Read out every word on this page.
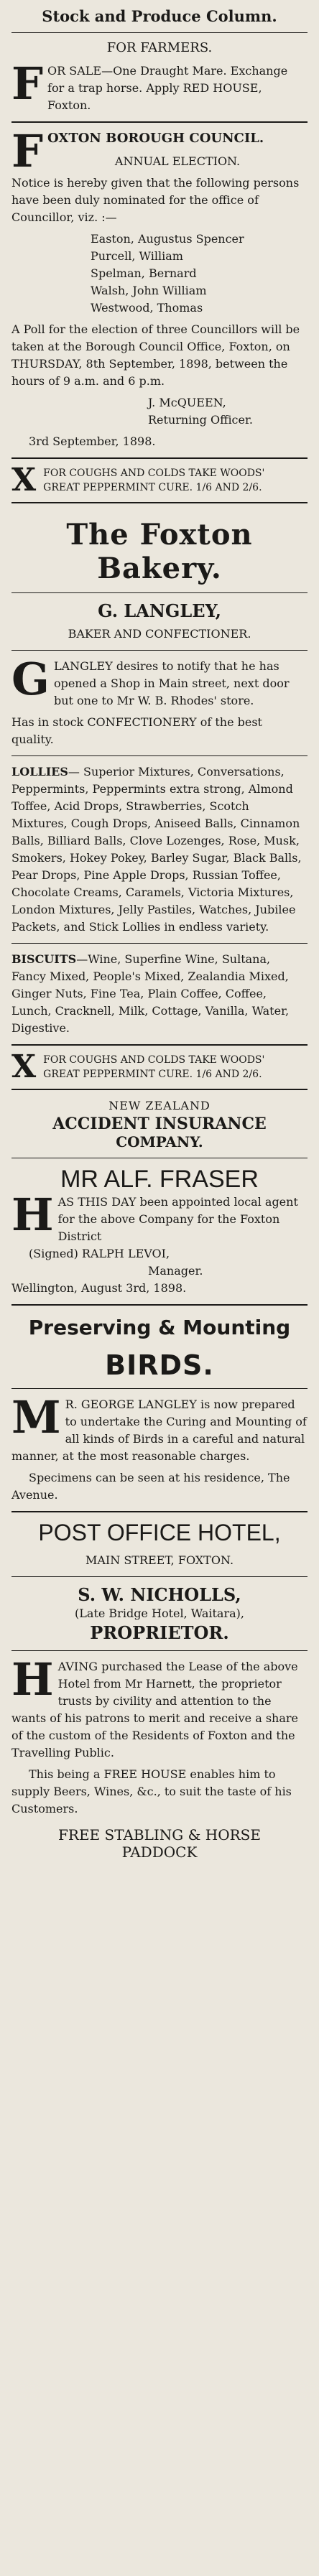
Stock and Produce Column.
FOR FARMERS.
F OR SALE—One Draught Mare. Exchange for a trap horse. Apply RED HOUSE, Foxton.
F OXTON BOROUGH COUNCIL.
ANNUAL ELECTION.

Notice is hereby given that the following persons have been duly nominated for the office of Councillor, viz. :—

Easton, Augustus Spencer
Purcell, William
Spelman, Bernard
Walsh, John William
Westwood, Thomas

A Poll for the election of three Councillors will be taken at the Borough Council Office, Foxton, on THURSDAY, 8th September, 1898, between the hours of 9 a.m. and 6 p.m.

J. McQUEEN,
Returning Officer.
3rd September, 1898.
X FOR COUGHS AND COLDS TAKE WOODS'
GREAT PEPPERMINT CURE. 1/6 AND 2/6.
The Foxton Bakery.
G. LANGLEY,
BAKER AND CONFECTIONER.
G LANGLEY desires to notify that he has opened a Shop in Main street, next door but one to Mr W. B. Rhodes' store.

Has in stock CONFECTIONERY of the best quality.

LOLLIES— Superior Mixtures, Conversations, Peppermints, Peppermints extra strong, Almond Toffee, Acid Drops, Strawberries, Scotch Mixtures, Cough Drops, Aniseed Balls, Cinnamon Balls, Billiard Balls, Clove Lozenges, Rose, Musk, Smokers, Hokey Pokey, Barley Sugar, Black Balls, Pear Drops, Pine Apple Drops, Russian Toffee, Chocolate Creams, Caramels, Victoria Mixtures, London Mixtures, Jelly Pastiles, Watches, Jubilee Packets, and Stick Lollies in endless variety.

BISCUITS—Wine, Superfine Wine, Sultana, Fancy Mixed, People's Mixed, Zealandia Mixed, Ginger Nuts, Fine Tea, Plain Coffee, Coffee, Lunch, Cracknell, Milk, Cottage, Vanilla, Water, Digestive.

X FOR COUGHS AND COLDS TAKE WOODS'
GREAT PEPPERMINT CURE. 1/6 AND 2/6.
NEW ZEALAND
ACCIDENT INSURANCE
COMPANY.
MR ALF. FRASER
H AS THIS DAY been appointed local agent for the above Company for the Foxton District
(Signed) RALPH LEVOI,
Manager.
Wellington, August 3rd, 1898.
Preserving & Mounting
BIRDS.
M R. GEORGE LANGLEY is now prepared to undertake the Curing and Mounting of all kinds of Birds in a careful and natural manner, at the most reasonable charges.

Specimens can be seen at his residence, The Avenue.

POST OFFICE HOTEL,
MAIN STREET, FOXTON.
S. W. NICHOLLS,
(Late Bridge Hotel, Waitara),
PROPRIETOR.
H AVING purchased the Lease of the above Hotel from Mr Harnett, the proprietor trusts by civility and attention to the wants of his patrons to merit and receive a share of the custom of the Residents of Foxton and the Travelling Public.

This being a FREE HOUSE enables him to supply Beers, Wines, &c., to suit the taste of his Customers.

FREE STABLING & HORSE
PADDOCK
